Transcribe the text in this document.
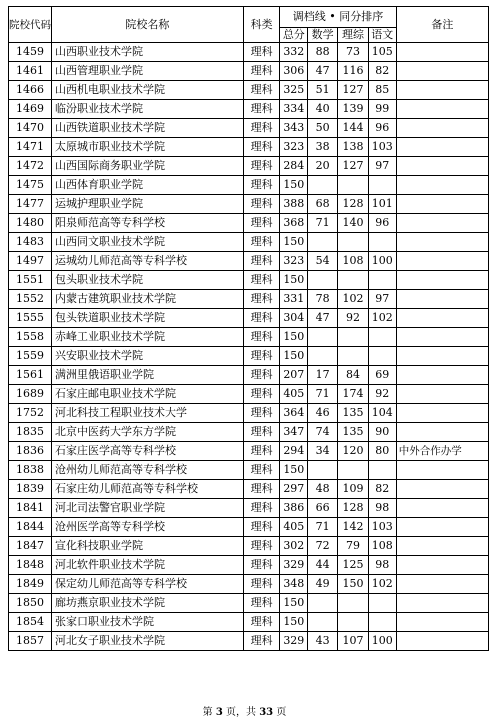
院校代码	院校名称	科类	调档线 • 同分排序				备注
			总分	数学	理综	语文	
1459	山西职业技术学院	理科	332	88	73	105	
1461	山西管理职业学院	理科	306	47	116	82	
1466	山西机电职业技术学院	理科	325	51	127	85	
1469	临汾职业技术学院	理科	334	40	139	99	
1470	山西铁道职业技术学院	理科	343	50	144	96	
1471	太原城市职业技术学院	理科	323	38	138	103	
1472	山西国际商务职业学院	理科	284	20	127	97	
1475	山西体育职业学院	理科	150				
1477	运城护理职业学院	理科	388	68	128	101	
1480	阳泉师范高等专科学校	理科	368	71	140	96	
1483	山西同文职业技术学院	理科	150				
1497	运城幼儿师范高等专科学校	理科	323	54	108	100	
1551	包头职业技术学院	理科	150				
1552	内蒙古建筑职业技术学院	理科	331	78	102	97	
1555	包头铁道职业技术学院	理科	304	47	92	102	
1558	赤峰工业职业技术学院	理科	150				
1559	兴安职业技术学院	理科	150				
1561	满洲里俄语职业学院	理科	207	17	84	69	
1689	石家庄邮电职业技术学院	理科	405	71	174	92	
1752	河北科技工程职业技术大学	理科	364	46	135	104	
1835	北京中医药大学东方学院	理科	347	74	135	90	
1836	石家庄医学高等专科学校	理科	294	34	120	80	中外合作办学
1838	沧州幼儿师范高等专科学校	理科	150				
1839	石家庄幼儿师范高等专科学校	理科	297	48	109	82	
1841	河北司法警官职业学院	理科	386	66	128	98	
1844	沧州医学高等专科学校	理科	405	71	142	103	
1847	宣化科技职业学院	理科	302	72	79	108	
1848	河北软件职业技术学院	理科	329	44	125	98	
1849	保定幼儿师范高等专科学校	理科	348	49	150	102	
1850	廊坊燕京职业技术学院	理科	150				
1854	张家口职业技术学院	理科	150				
1857	河北女子职业技术学院	理科	329	43	107	100	
第 3 页，共 33 页
